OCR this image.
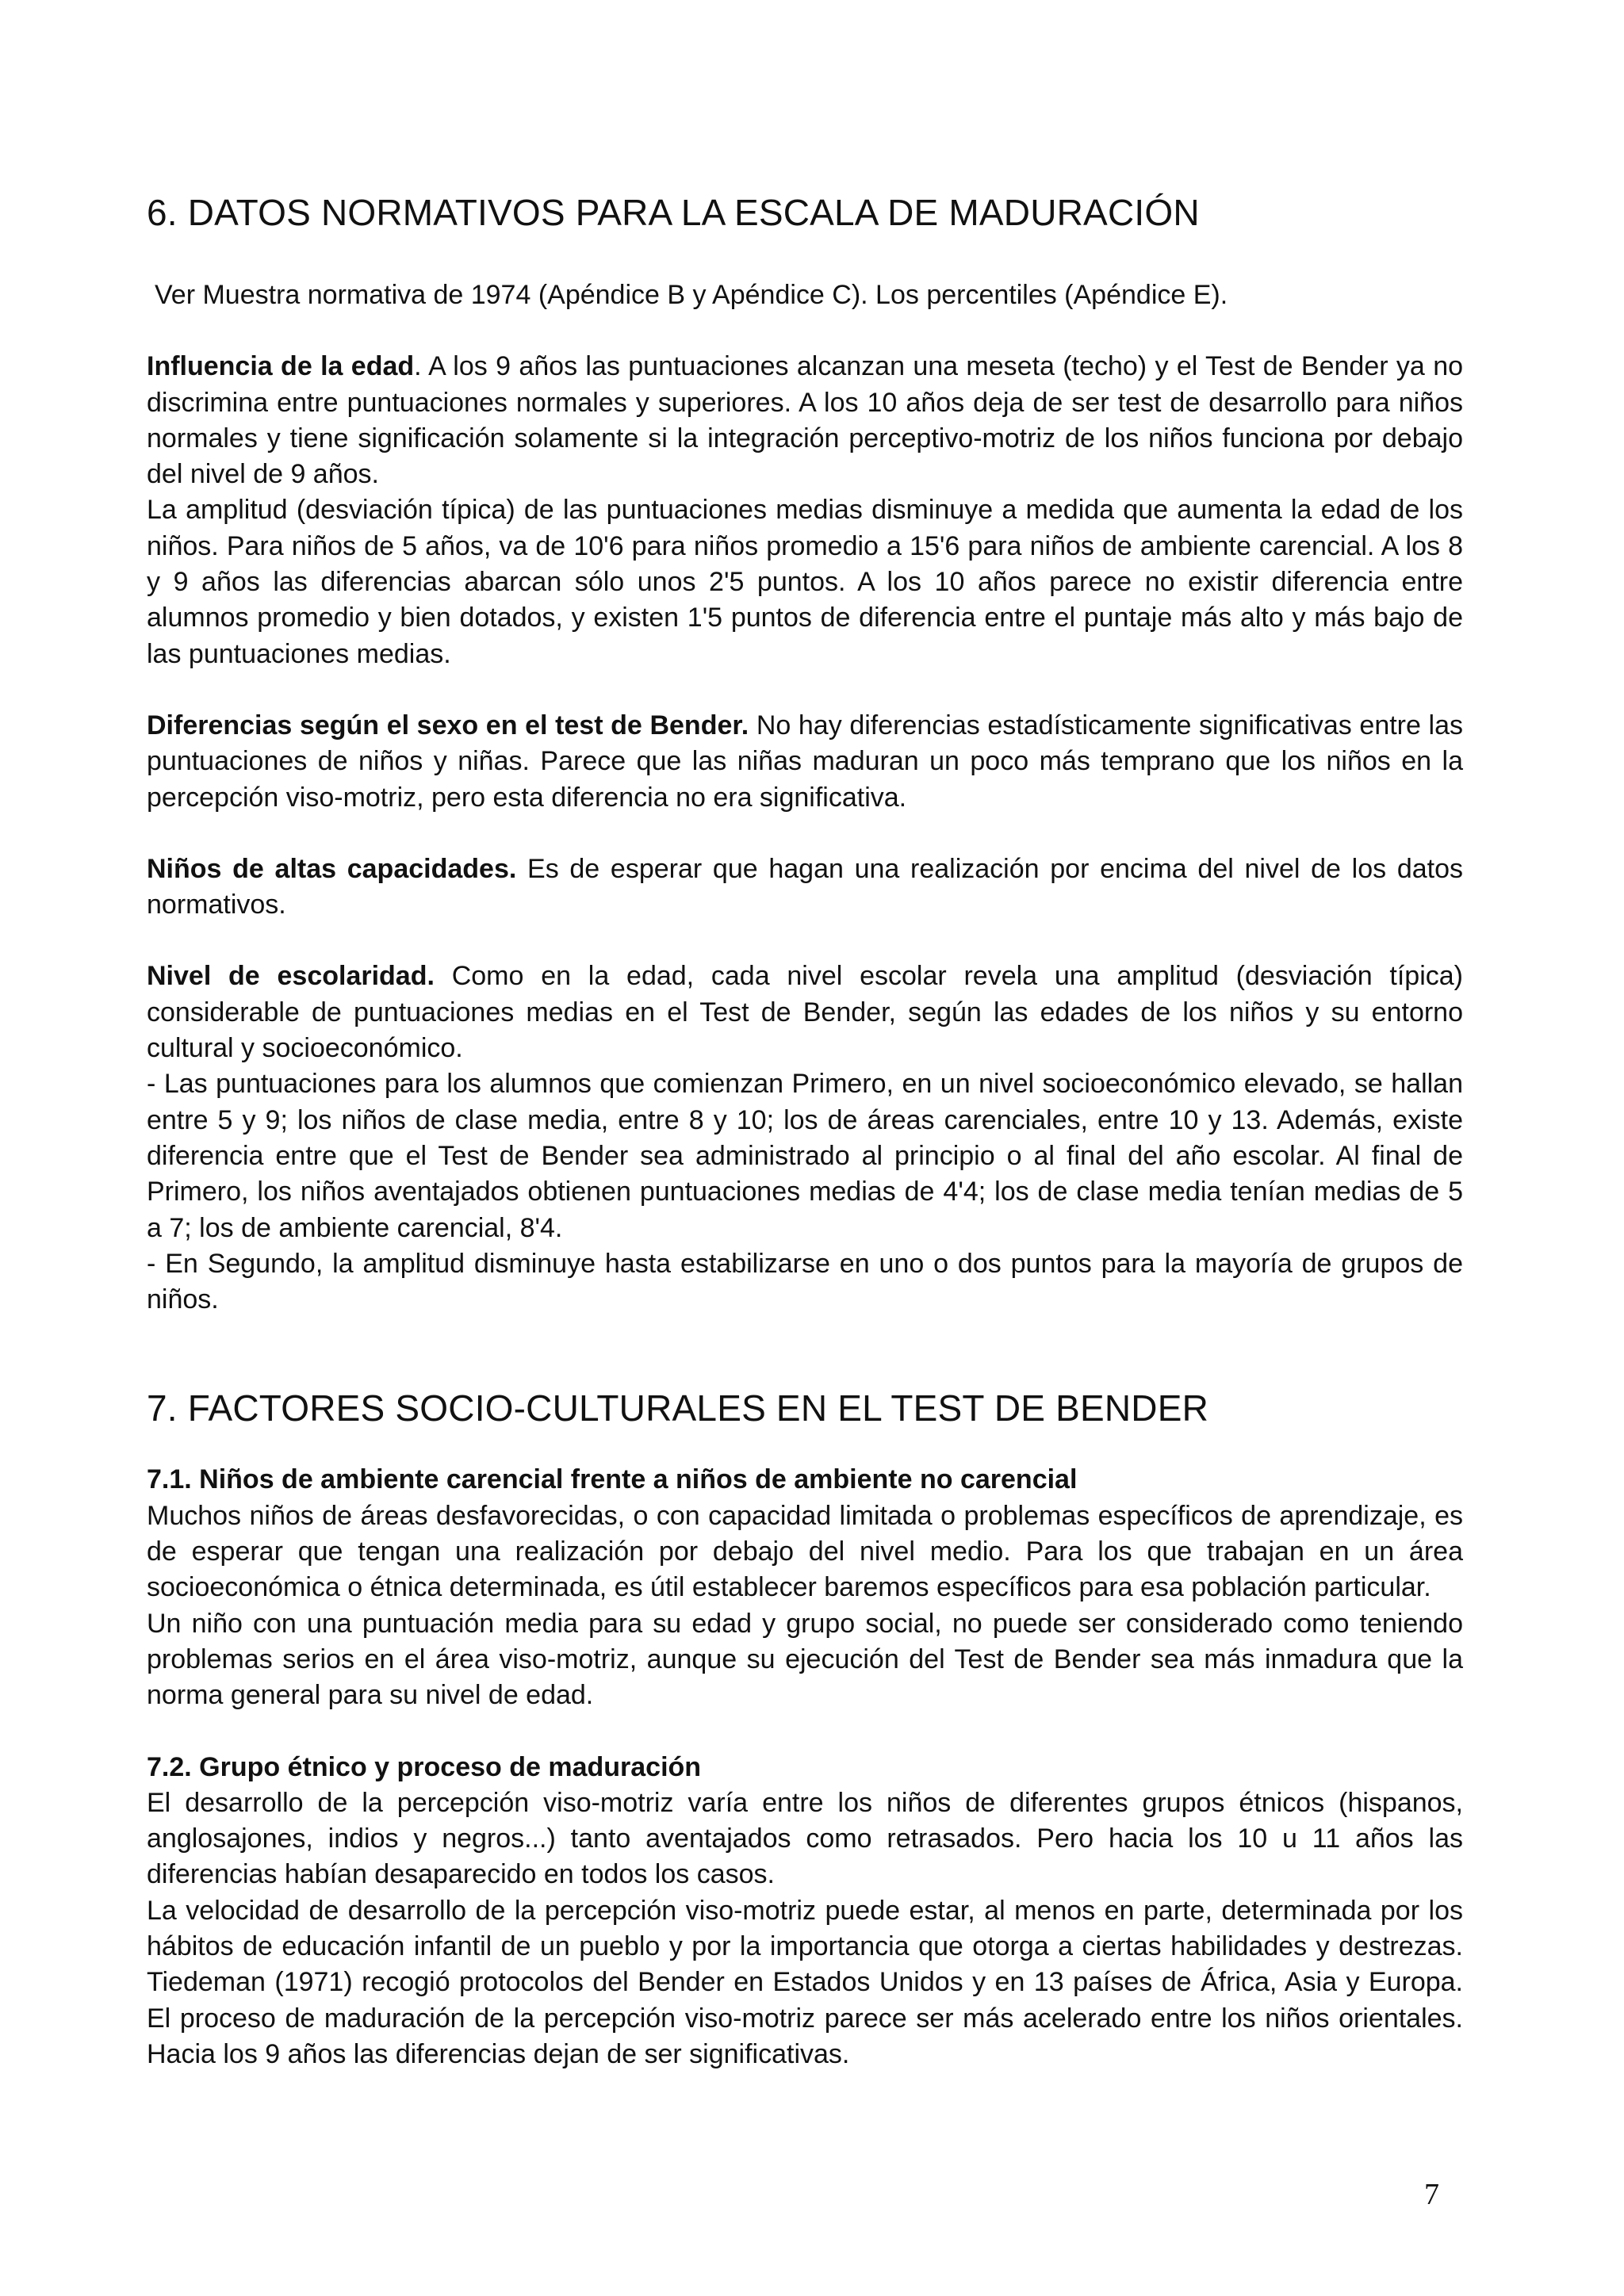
6. DATOS NORMATIVOS PARA LA ESCALA DE MADURACIÓN

Ver Muestra normativa de 1974 (Apéndice B y Apéndice C). Los percentiles (Apéndice E).

Influencia de la edad. A los 9 años las puntuaciones alcanzan una meseta (techo) y el Test de Bender ya no discrimina entre puntuaciones normales y superiores. A los 10 años deja de ser test de desarrollo para niños normales y tiene significación solamente si la integración perceptivo-motriz de los niños funciona por debajo del nivel de 9 años.

La amplitud (desviación típica) de las puntuaciones medias disminuye a medida que aumenta la edad de los niños. Para niños de 5 años, va de 10'6 para niños promedio a 15'6 para niños de ambiente carencial. A los 8 y 9 años las diferencias abarcan sólo unos 2'5 puntos. A los 10 años parece no existir diferencia entre alumnos promedio y bien dotados, y existen 1'5 puntos de diferencia entre el puntaje más alto y más bajo de las puntuaciones medias.

Diferencias según el sexo en el test de Bender. No hay diferencias estadísticamente significativas entre las puntuaciones de niños y niñas. Parece que las niñas maduran un poco más temprano que los niños en la percepción viso-motriz, pero esta diferencia no era significativa.

Niños de altas capacidades. Es de esperar que hagan una realización por encima del nivel de los datos normativos.

Nivel de escolaridad. Como en la edad, cada nivel escolar revela una amplitud (desviación típica) considerable de puntuaciones medias en el Test de Bender, según las edades de los niños y su entorno cultural y socioeconómico.

- Las puntuaciones para los alumnos que comienzan Primero, en un nivel socioeconómico elevado, se hallan entre 5 y 9; los niños de clase media, entre 8 y 10; los de áreas carenciales, entre 10 y 13. Además, existe diferencia entre que el Test de Bender sea administrado al principio o al final del año escolar. Al final de Primero, los niños aventajados obtienen puntuaciones medias de 4'4; los de clase media tenían medias de 5 a 7; los de ambiente carencial, 8'4.

- En Segundo, la amplitud disminuye hasta estabilizarse en uno o dos puntos para la mayoría de grupos de niños.

7. FACTORES SOCIO-CULTURALES EN EL TEST DE BENDER
7.1. Niños de ambiente carencial frente a niños de ambiente no carencial

Muchos niños de áreas desfavorecidas, o con capacidad limitada o problemas específicos de aprendizaje, es de esperar que tengan una realización por debajo del nivel medio. Para los que trabajan en un área socioeconómica o étnica determinada, es útil establecer baremos específicos para esa población particular.

Un niño con una puntuación media para su edad y grupo social, no puede ser considerado como teniendo problemas serios en el área viso-motriz, aunque su ejecución del Test de Bender sea más inmadura que la norma general para su nivel de edad.

7.2. Grupo étnico y proceso de maduración

El desarrollo de la percepción viso-motriz varía entre los niños de diferentes grupos étnicos (hispanos, anglosajones, indios y negros...) tanto aventajados como retrasados. Pero hacia los 10 u 11 años las diferencias habían desaparecido en todos los casos.

La velocidad de desarrollo de la percepción viso-motriz puede estar, al menos en parte, determinada por los hábitos de educación infantil de un pueblo y por la importancia que otorga a ciertas habilidades y destrezas. Tiedeman (1971) recogió protocolos del Bender en Estados Unidos y en 13 países de África, Asia y Europa. El proceso de maduración de la percepción viso-motriz parece ser más acelerado entre los niños orientales. Hacia los 9 años las diferencias dejan de ser significativas.

7
